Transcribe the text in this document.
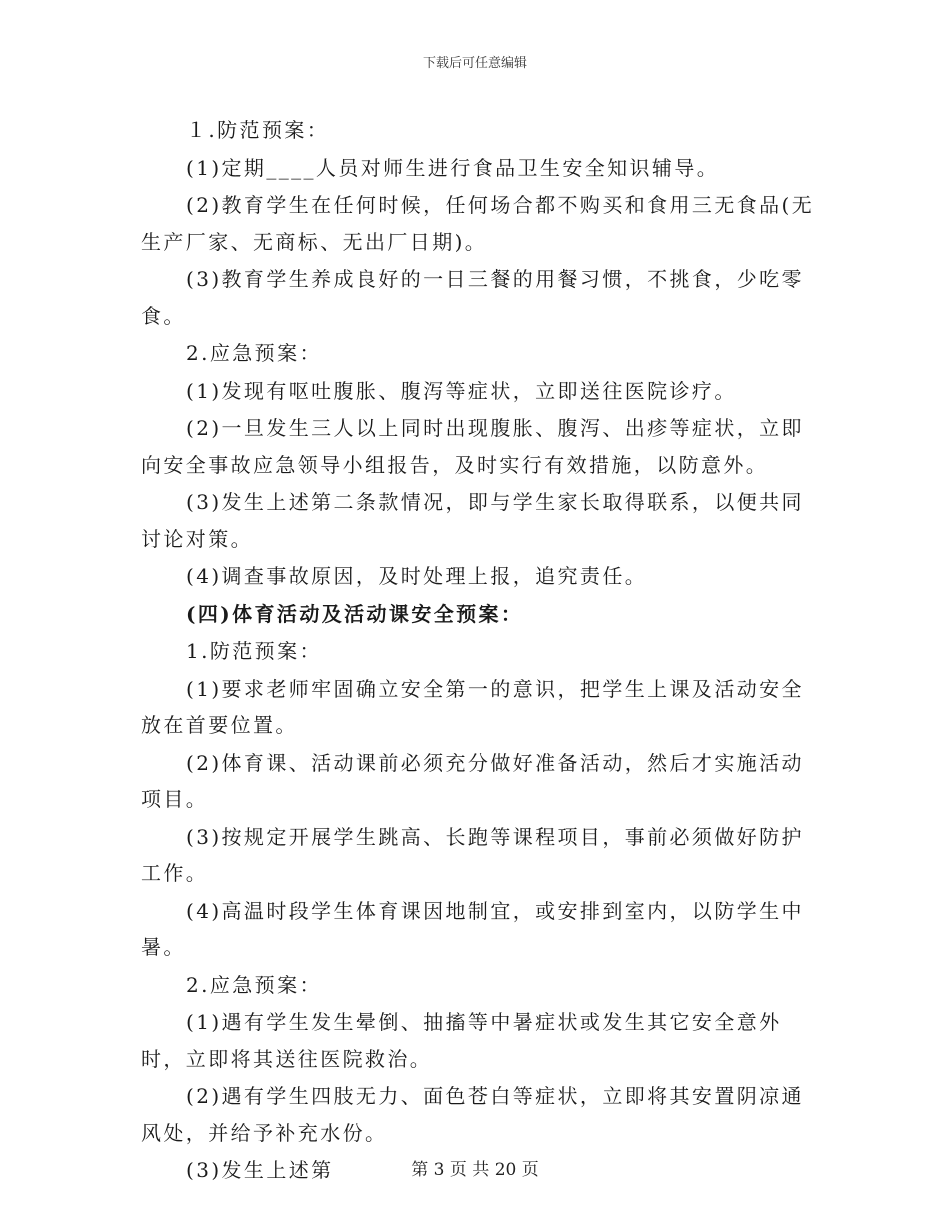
下载后可任意编辑

１.防范预案：

(1)定期____人员对师生进行食品卫生安全知识辅导。

(2)教育学生在任何时候，任何场合都不购买和食用三无食品(无生产厂家、无商标、无出厂日期)。

(3)教育学生养成良好的一日三餐的用餐习惯，不挑食，少吃零食。

2.应急预案：

(1)发现有呕吐腹胀、腹泻等症状，立即送往医院诊疗。

(2)一旦发生三人以上同时出现腹胀、腹泻、出疹等症状，立即向安全事故应急领导小组报告，及时实行有效措施，以防意外。

(3)发生上述第二条款情况，即与学生家长取得联系，以便共同讨论对策。

(4)调查事故原因，及时处理上报，追究责任。

(四)体育活动及活动课安全预案：

1.防范预案：

(1)要求老师牢固确立安全第一的意识，把学生上课及活动安全放在首要位置。

(2)体育课、活动课前必须充分做好准备活动，然后才实施活动项目。

(3)按规定开展学生跳高、长跑等课程项目，事前必须做好防护工作。

(4)高温时段学生体育课因地制宜，或安排到室内，以防学生中暑。

2.应急预案：

(1)遇有学生发生晕倒、抽搐等中暑症状或发生其它安全意外时，立即将其送往医院救治。

(2)遇有学生四肢无力、面色苍白等症状，立即将其安置阴凉通风处，并给予补充水份。

(3)发生上述第	第 3 页 共 20 页
